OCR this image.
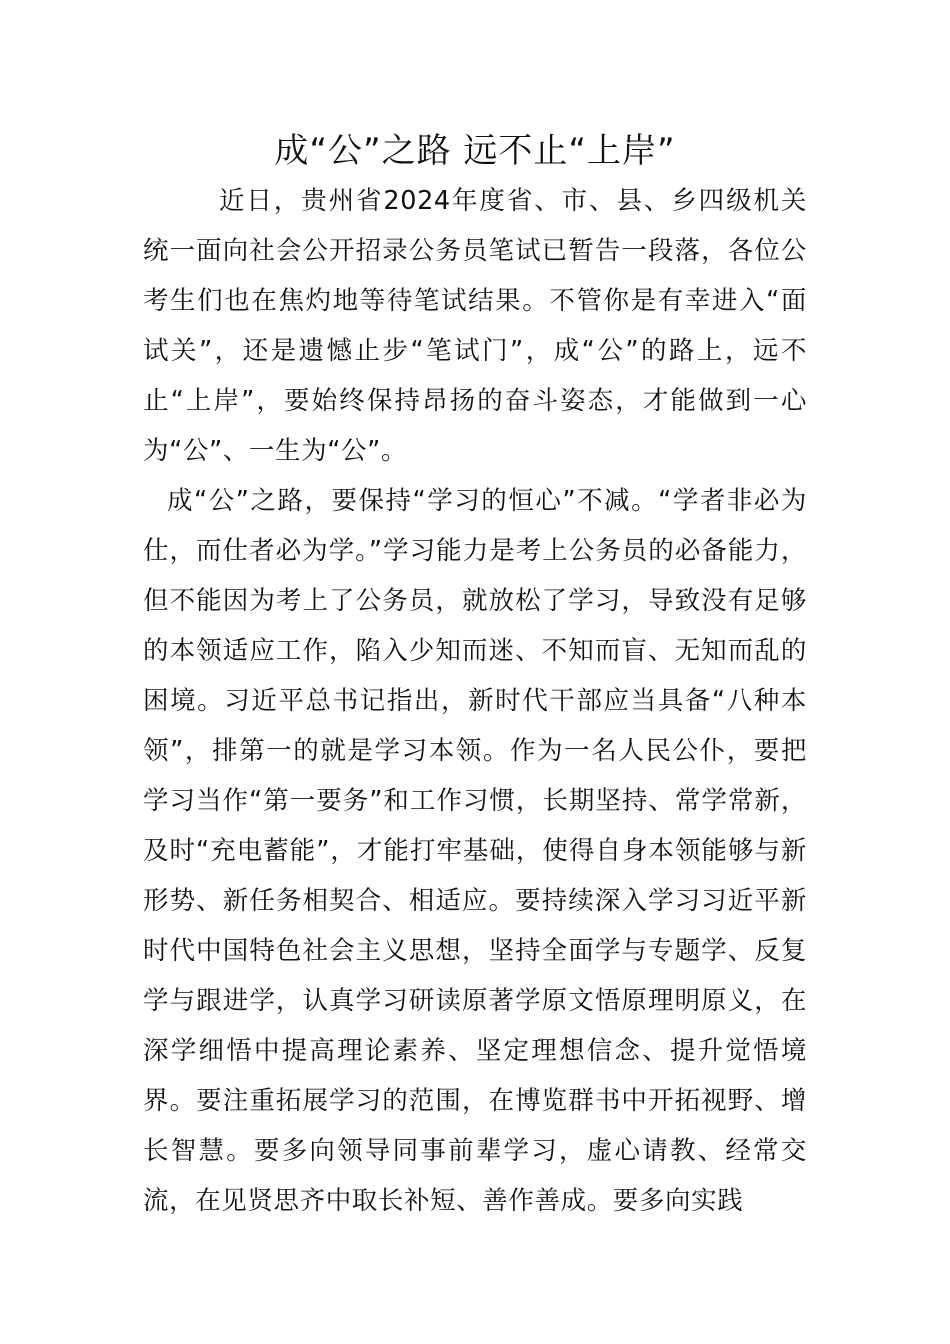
成“公”之路 远不止“上岸”

近日，贵州省2024年度省、市、县、乡四级机关统一面向社会公开招录公务员笔试已暂告一段落，各位公考生们也在焦灼地等待笔试结果。不管你是有幸进入“面试关”，还是遗憾止步“笔试门”，成“公”的路上，远不止“上岸”，要始终保持昂扬的奋斗姿态，才能做到一心为“公”、一生为“公”。

成“公”之路，要保持“学习的恒心”不减。“学者非必为仕，而仕者必为学。”学习能力是考上公务员的必备能力，但不能因为考上了公务员，就放松了学习，导致没有足够的本领适应工作，陷入少知而迷、不知而盲、无知而乱的困境。习近平总书记指出，新时代干部应当具备“八种本领”，排第一的就是学习本领。作为一名人民公仆，要把学习当作“第一要务”和工作习惯，长期坚持、常学常新，及时“充电蓄能”，才能打牢基础，使得自身本领能够与新形势、新任务相契合、相适应。要持续深入学习习近平新时代中国特色社会主义思想，坚持全面学与专题学、反复学与跟进学，认真学习研读原著学原文悟原理明原义，在深学细悟中提高理论素养、坚定理想信念、提升觉悟境界。要注重拓展学习的范围，在博览群书中开拓视野、增长智慧。要多向领导同事前辈学习，虚心请教、经常交流，在见贤思齐中取长补短、善作善成。要多向实践
